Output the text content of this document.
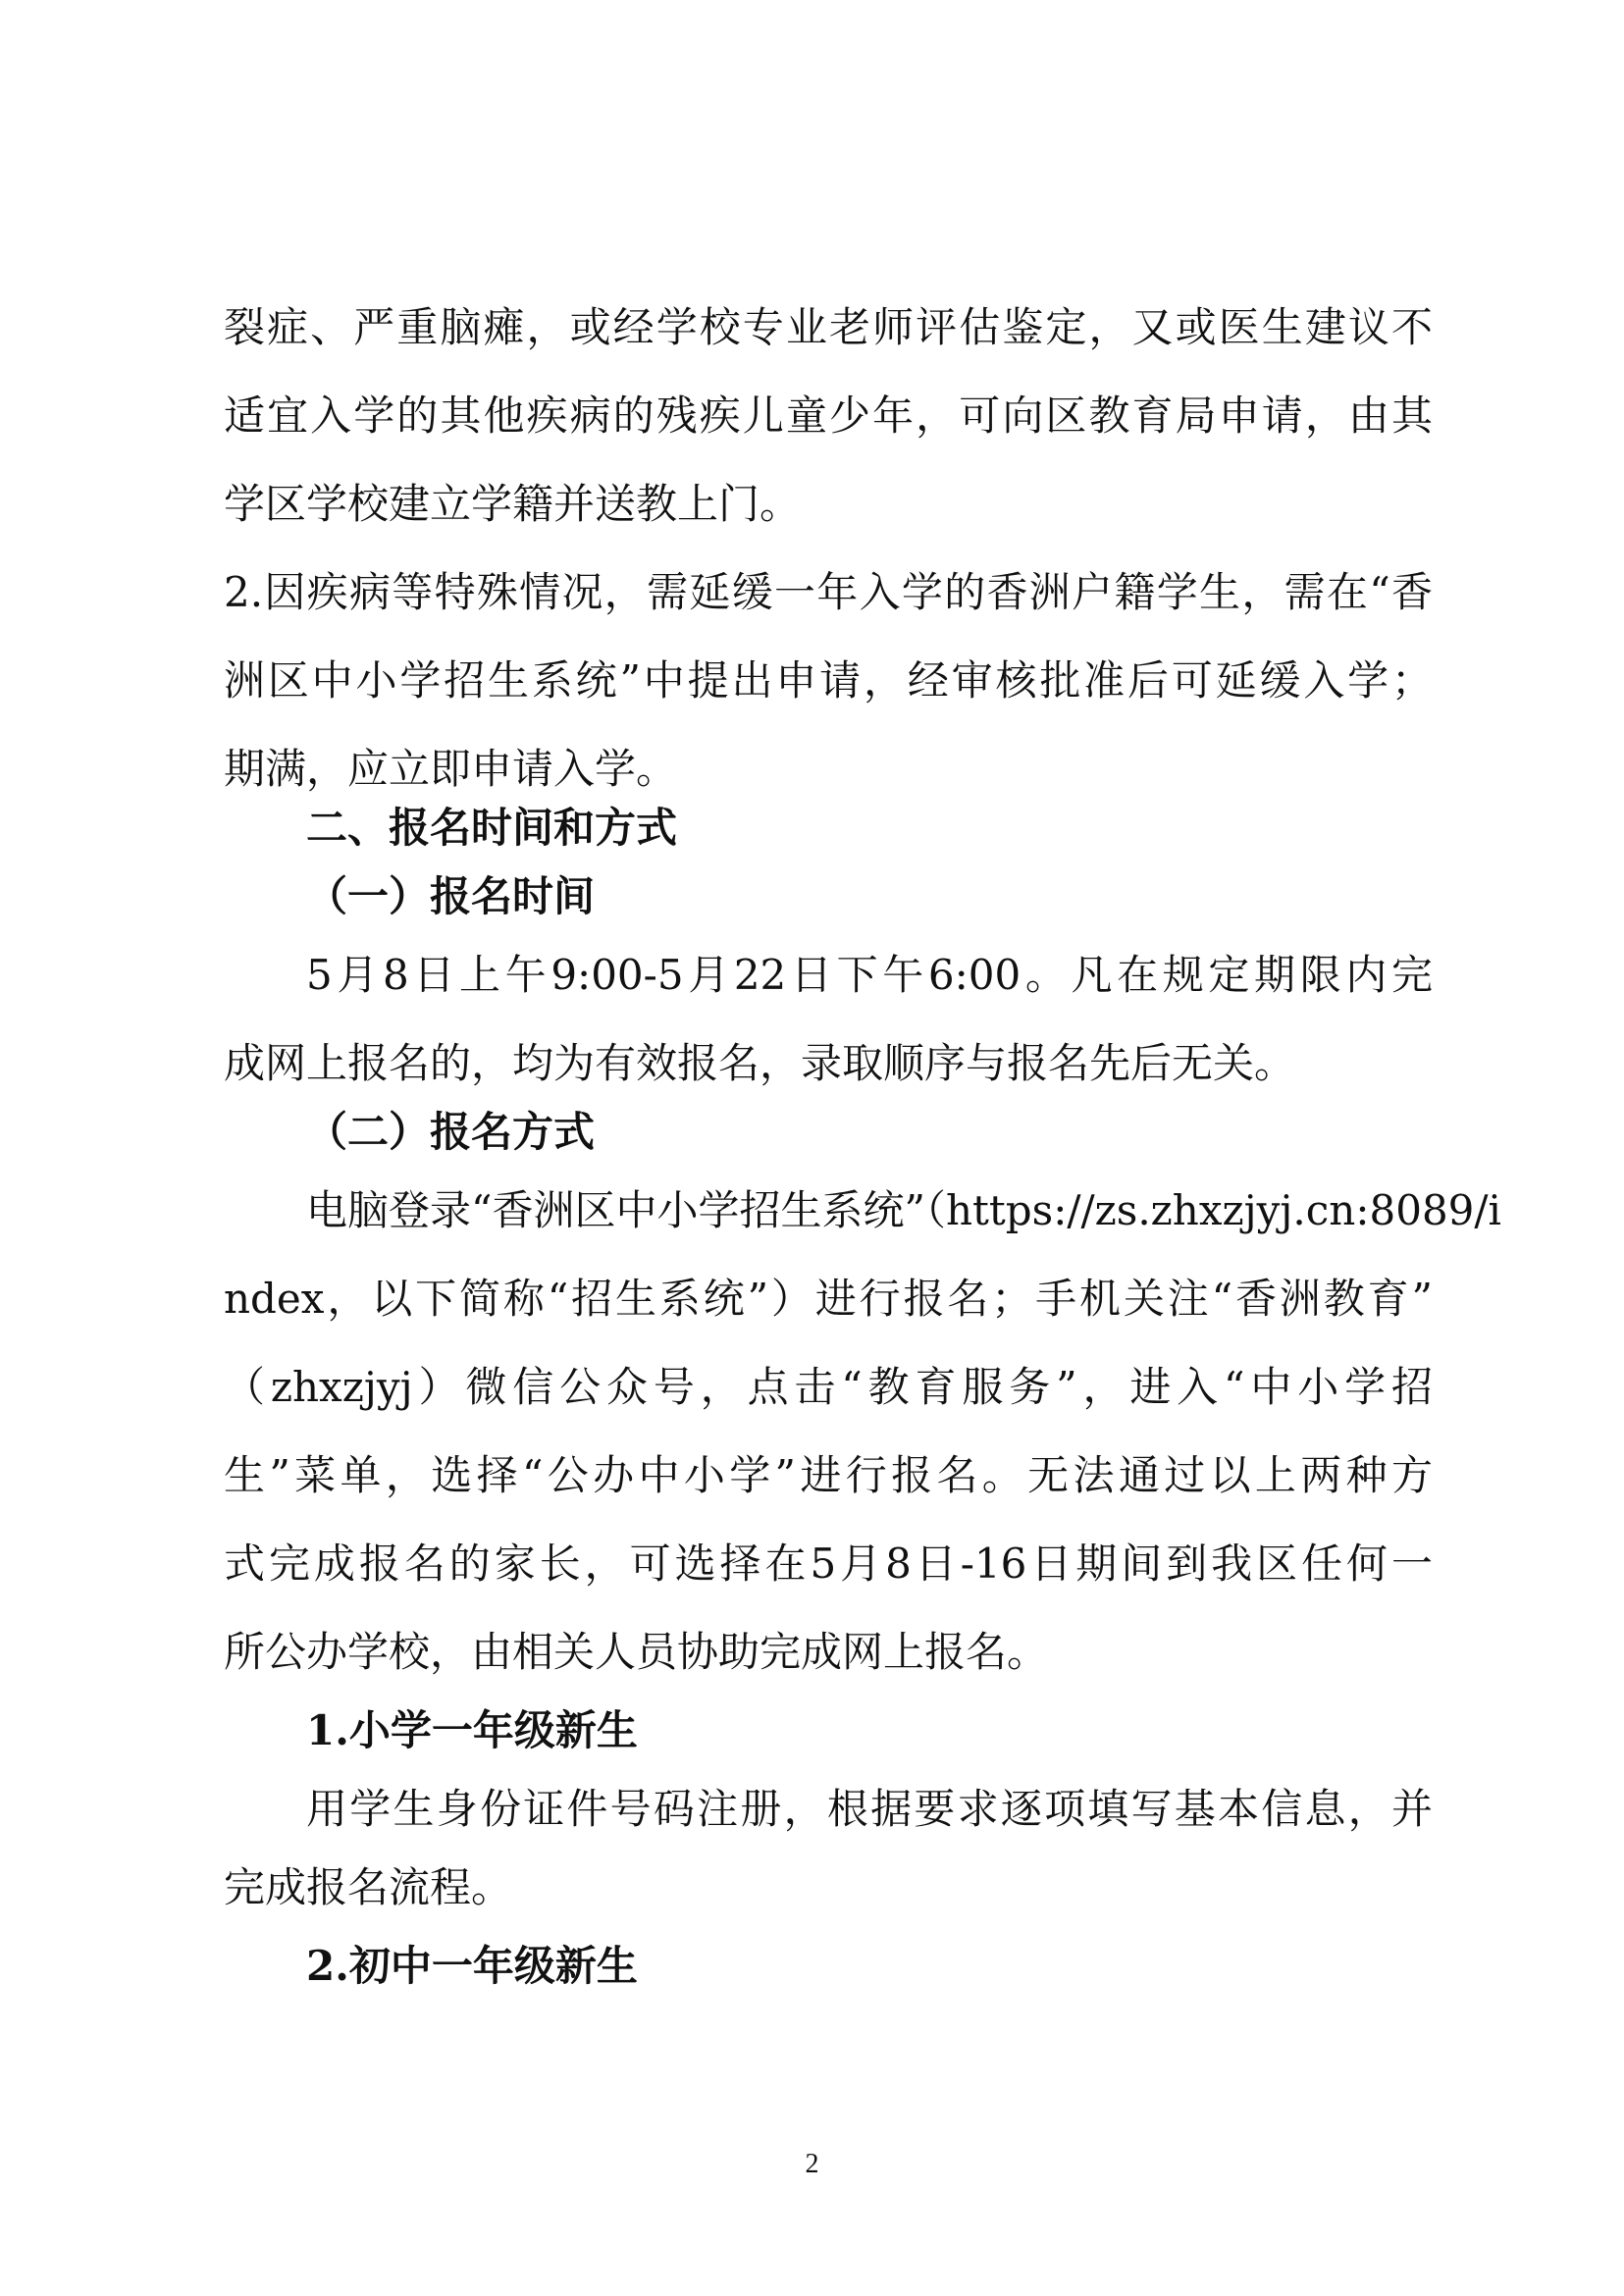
裂症、严重脑瘫，或经学校专业老师评估鉴定，又或医生建议不
适宜入学的其他疾病的残疾儿童少年，可向区教育局申请，由其
学区学校建立学籍并送教上门。
2.因疾病等特殊情况，需延缓一年入学的香洲户籍学生，需在“香
洲区中小学招生系统”中提出申请，经审核批准后可延缓入学；
期满，应立即申请入学。
二、报名时间和方式
（一）报名时间
5月8日上午9:00-5月22日下午6:00。凡在规定期限内完
成网上报名的，均为有效报名，录取顺序与报名先后无关。
（二）报名方式
电脑登录“香洲区中小学招生系统”（https://zs.zhxzjyj.cn:8089/i
ndex，以下简称“招生系统”）进行报名；手机关注“香洲教育”
（zhxzjyj）微信公众号，点击“教育服务”，进入“中小学招
生”菜单，选择“公办中小学”进行报名。无法通过以上两种方
式完成报名的家长，可选择在5月8日-16日期间到我区任何一
所公办学校，由相关人员协助完成网上报名。
1.小学一年级新生
用学生身份证件号码注册，根据要求逐项填写基本信息，并
完成报名流程。
2.初中一年级新生
2
